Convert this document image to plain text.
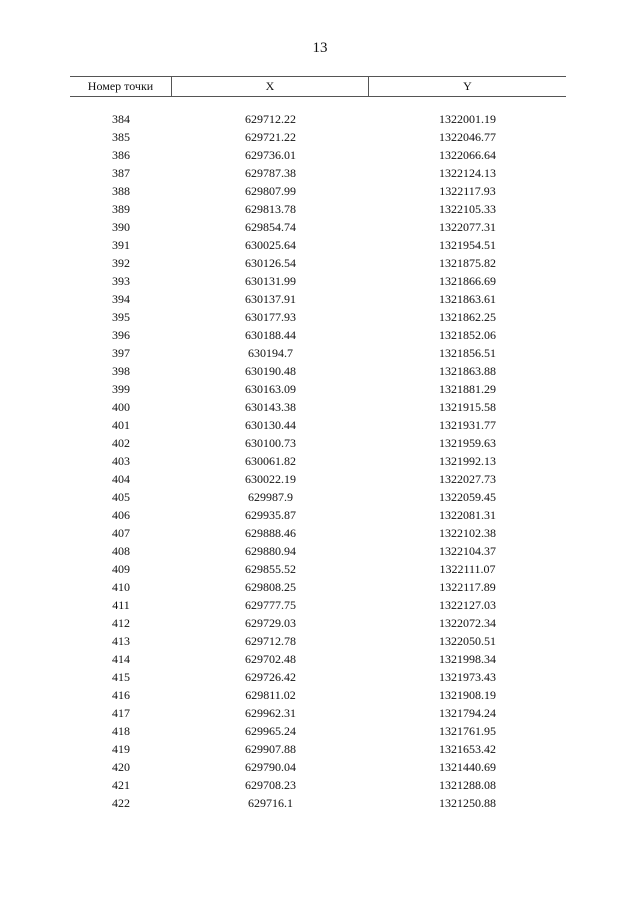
13
Номер точки	X	Y
384	629712.22	1322001.19
385	629721.22	1322046.77
386	629736.01	1322066.64
387	629787.38	1322124.13
388	629807.99	1322117.93
389	629813.78	1322105.33
390	629854.74	1322077.31
391	630025.64	1321954.51
392	630126.54	1321875.82
393	630131.99	1321866.69
394	630137.91	1321863.61
395	630177.93	1321862.25
396	630188.44	1321852.06
397	630194.7	1321856.51
398	630190.48	1321863.88
399	630163.09	1321881.29
400	630143.38	1321915.58
401	630130.44	1321931.77
402	630100.73	1321959.63
403	630061.82	1321992.13
404	630022.19	1322027.73
405	629987.9	1322059.45
406	629935.87	1322081.31
407	629888.46	1322102.38
408	629880.94	1322104.37
409	629855.52	1322111.07
410	629808.25	1322117.89
411	629777.75	1322127.03
412	629729.03	1322072.34
413	629712.78	1322050.51
414	629702.48	1321998.34
415	629726.42	1321973.43
416	629811.02	1321908.19
417	629962.31	1321794.24
418	629965.24	1321761.95
419	629907.88	1321653.42
420	629790.04	1321440.69
421	629708.23	1321288.08
422	629716.1	1321250.88
